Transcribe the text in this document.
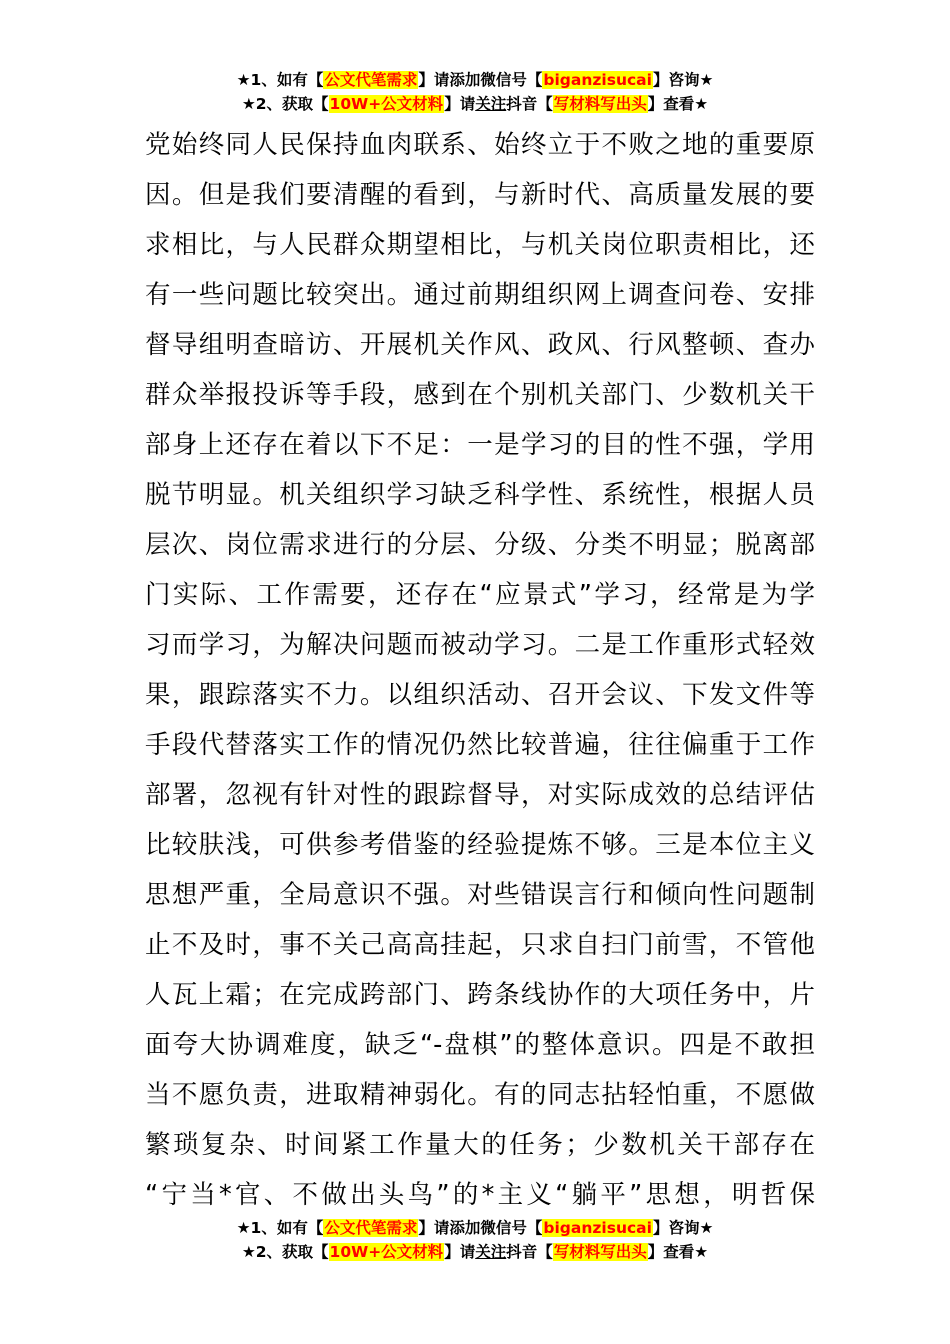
★1、如有【公文代笔需求】请添加微信号【biganzisucai】咨询★
★2、获取【10W+公文材料】请关注抖音【写材料写出头】查看★
党始终同人民保持血肉联系、始终立于不败之地的重要原
因。但是我们要清醒的看到，与新时代、高质量发展的要
求相比，与人民群众期望相比，与机关岗位职责相比，还
有一些问题比较突出。通过前期组织网上调查问卷、安排
督导组明查暗访、开展机关作风、政风、行风整顿、查办
群众举报投诉等手段，感到在个别机关部门、少数机关干
部身上还存在着以下不足：一是学习的目的性不强，学用
脱节明显。机关组织学习缺乏科学性、系统性，根据人员
层次、岗位需求进行的分层、分级、分类不明显；脱离部
门实际、工作需要，还存在“应景式”学习，经常是为学
习而学习，为解决问题而被动学习。二是工作重形式轻效
果，跟踪落实不力。以组织活动、召开会议、下发文件等
手段代替落实工作的情况仍然比较普遍，往往偏重于工作
部署，忽视有针对性的跟踪督导，对实际成效的总结评估
比较肤浅，可供参考借鉴的经验提炼不够。三是本位主义
思想严重，全局意识不强。对些错误言行和倾向性问题制
止不及时，事不关己高高挂起，只求自扫门前雪，不管他
人瓦上霜；在完成跨部门、跨条线协作的大项任务中，片
面夸大协调难度，缺乏“-盘棋”的整体意识。四是不敢担
当不愿负责，进取精神弱化。有的同志拈轻怕重，不愿做
繁琐复杂、时间紧工作量大的任务；少数机关干部存在
“宁当*官、不做出头鸟”的*主义“躺平”思想，明哲保
★1、如有【公文代笔需求】请添加微信号【biganzisucai】咨询★
★2、获取【10W+公文材料】请关注抖音【写材料写出头】查看★
